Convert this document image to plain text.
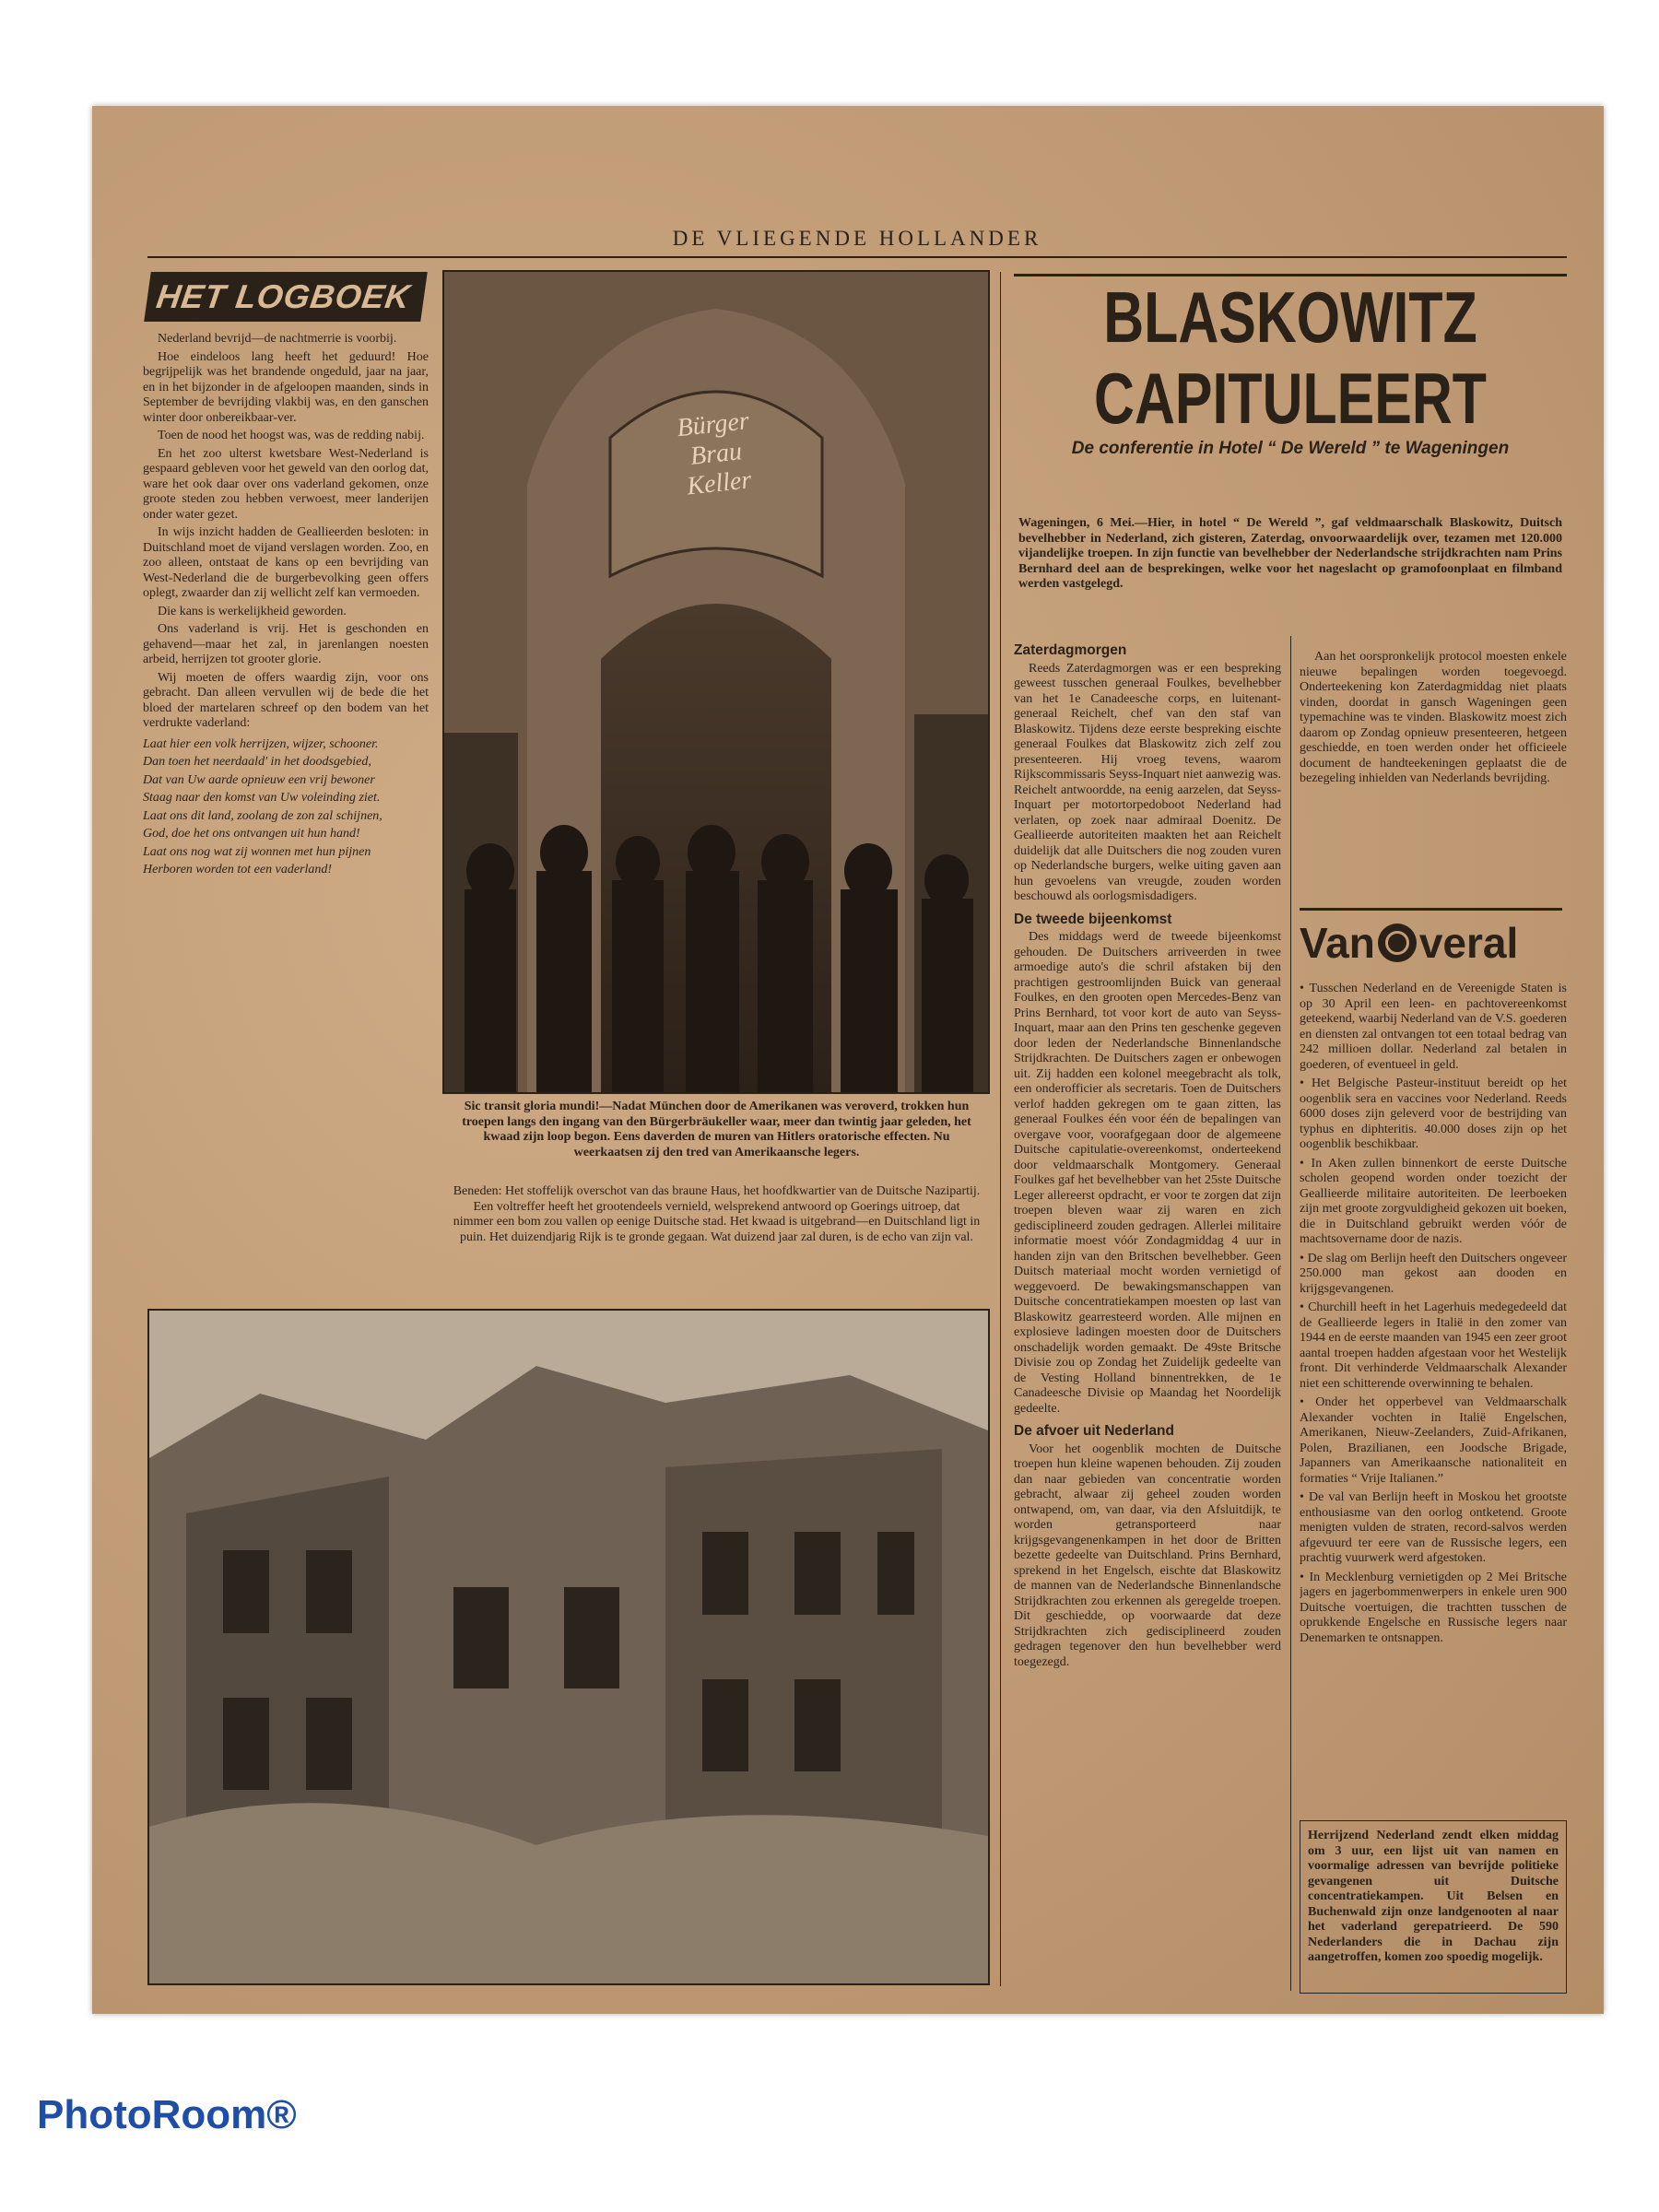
DE VLIEGENDE HOLLANDER
HET LOGBOEK

Nederland bevrijd—de nachtmerrie is voorbij.

Hoe eindeloos lang heeft het geduurd! Hoe begrijpelijk was het brandende ongeduld, jaar na jaar, en in het bijzonder in de afgeloopen maanden, sinds in September de bevrijding vlakbij was, en den ganschen winter door onbereikbaar-ver.

Toen de nood het hoogst was, was de redding nabij.

En het zoo ulterst kwetsbare West-Nederland is gespaard gebleven voor het geweld van den oorlog dat, ware het ook daar over ons vaderland gekomen, onze groote steden zou hebben verwoest, meer landerijen onder water gezet.

In wijs inzicht hadden de Geallieerden besloten: in Duitschland moet de vijand verslagen worden. Zoo, en zoo alleen, ontstaat de kans op een bevrijding van West-Nederland die de burgerbevolking geen offers oplegt, zwaarder dan zij wellicht zelf kan vermoeden.

Die kans is werkelijkheid geworden.

Ons vaderland is vrij. Het is geschonden en gehavend—maar het zal, in jarenlangen noesten arbeid, herrijzen tot grooter glorie.

Wij moeten de offers waardig zijn, voor ons gebracht. Dan alleen vervullen wij de bede die het bloed der martelaren schreef op den bodem van het verdrukte vaderland:

Laat hier een volk herrijzen, wijzer, schooner.
Dan toen het neerdaald' in het doodsgebied,
Dat van Uw aarde opnieuw een vrij bewoner
Staag naar den komst van Uw voleinding ziet.
Laat ons dit land, zoolang de zon zal schijnen,
God, doe het ons ontvangen uit hun hand!
Laat ons nog wat zij wonnen met hun pijnen
Herboren worden tot een vaderland!
Bürger Brau Keller
Sic transit gloria mundi!—Nadat München door de Amerikanen was veroverd, trokken hun troepen langs den ingang van den Bürgerbräukeller waar, meer dan twintig jaar geleden, het kwaad zijn loop begon. Eens daverden de muren van Hitlers oratorische effecten. Nu weerkaatsen zij den tred van Amerikaansche legers.
Beneden: Het stoffelijk overschot van das braune Haus, het hoofdkwartier van de Duitsche Nazipartij. Een voltreffer heeft het grootendeels vernield, welsprekend antwoord op Goerings uitroep, dat nimmer een bom zou vallen op eenige Duitsche stad. Het kwaad is uitgebrand—en Duitschland ligt in puin. Het duizendjarig Rijk is te gronde gegaan. Wat duizend jaar zal duren, is de echo van zijn val.
BLASKOWITZ
CAPITULEERT
De conferentie in Hotel “ De Wereld ” te Wageningen
Wageningen, 6 Mei.—Hier, in hotel “ De Wereld ”, gaf veldmaarschalk Blaskowitz, Duitsch bevelhebber in Nederland, zich gisteren, Zaterdag, onvoorwaardelijk over, tezamen met 120.000 vijandelijke troepen. In zijn functie van bevelhebber der Nederlandsche strijdkrachten nam Prins Bernhard deel aan de besprekingen, welke voor het nageslacht op gramofoonplaat en filmband werden vastgelegd.
Zaterdagmorgen

Reeds Zaterdagmorgen was er een bespreking geweest tusschen generaal Foulkes, bevelhebber van het 1e Canadeesche corps, en luitenant-generaal Reichelt, chef van den staf van Blaskowitz. Tijdens deze eerste bespreking eischte generaal Foulkes dat Blaskowitz zich zelf zou presenteeren. Hij vroeg tevens, waarom Rijkscommissaris Seyss-Inquart niet aanwezig was. Reichelt antwoordde, na eenig aarzelen, dat Seyss-Inquart per motortorpedoboot Nederland had verlaten, op zoek naar admiraal Doenitz. De Geallieerde autoriteiten maakten het aan Reichelt duidelijk dat alle Duitschers die nog zouden vuren op Nederlandsche burgers, welke uiting gaven aan hun gevoelens van vreugde, zouden worden beschouwd als oorlogsmisdadigers.

De tweede bijeenkomst

Des middags werd de tweede bijeenkomst gehouden. De Duitschers arriveerden in twee armoedige auto's die schril afstaken bij den prachtigen gestroomlijnden Buick van generaal Foulkes, en den grooten open Mercedes-Benz van Prins Bernhard, tot voor kort de auto van Seyss-Inquart, maar aan den Prins ten geschenke gegeven door leden der Nederlandsche Binnenlandsche Strijdkrachten. De Duitschers zagen er onbewogen uit. Zij hadden een kolonel meegebracht als tolk, een onderofficier als secretaris. Toen de Duitschers verlof hadden gekregen om te gaan zitten, las generaal Foulkes één voor één de bepalingen van overgave voor, voorafgegaan door de algemeene Duitsche capitulatie-overeenkomst, onderteekend door veldmaarschalk Montgomery. Generaal Foulkes gaf het bevelhebber van het 25ste Duitsche Leger allereerst opdracht, er voor te zorgen dat zijn troepen bleven waar zij waren en zich gedisciplineerd zouden gedragen. Allerlei militaire informatie moest vóór Zondagmiddag 4 uur in handen zijn van den Britschen bevelhebber. Geen Duitsch materiaal mocht worden vernietigd of weggevoerd. De bewakingsmanschappen van Duitsche concentratiekampen moesten op last van Blaskowitz gearresteerd worden. Alle mijnen en explosieve ladingen moesten door de Duitschers onschadelijk worden gemaakt. De 49ste Britsche Divisie zou op Zondag het Zuidelijk gedeelte van de Vesting Holland binnentrekken, de 1e Canadeesche Divisie op Maandag het Noordelijk gedeelte.

De afvoer uit Nederland

Voor het oogenblik mochten de Duitsche troepen hun kleine wapenen behouden. Zij zouden dan naar gebieden van concentratie worden gebracht, alwaar zij geheel zouden worden ontwapend, om, van daar, via den Afsluitdijk, te worden getransporteerd naar krijgsgevangenenkampen in het door de Britten bezette gedeelte van Duitschland. Prins Bernhard, sprekend in het Engelsch, eischte dat Blaskowitz de mannen van de Nederlandsche Binnenlandsche Strijdkrachten zou erkennen als geregelde troepen. Dit geschiedde, op voorwaarde dat deze Strijdkrachten zich gedisciplineerd zouden gedragen tegenover den hun bevelhebber werd toegezegd.

Aan het oorspronkelijk protocol moesten enkele nieuwe bepalingen worden toegevoegd. Onderteekening kon Zaterdagmiddag niet plaats vinden, doordat in gansch Wageningen geen typemachine was te vinden. Blaskowitz moest zich daarom op Zondag opnieuw presenteeren, hetgeen geschiedde, en toen werden onder het officieele document de handteekeningen geplaatst die de bezegeling inhielden van Nederlands bevrijding.

Van veral

• Tusschen Nederland en de Vereenigde Staten is op 30 April een leen- en pachtovereenkomst geteekend, waarbij Nederland van de V.S. goederen en diensten zal ontvangen tot een totaal bedrag van 242 millioen dollar. Nederland zal betalen in goederen, of eventueel in geld.

• Het Belgische Pasteur-instituut bereidt op het oogenblik sera en vaccines voor Nederland. Reeds 6000 doses zijn geleverd voor de bestrijding van typhus en diphteritis. 40.000 doses zijn op het oogenblik beschikbaar.

• In Aken zullen binnenkort de eerste Duitsche scholen geopend worden onder toezicht der Geallieerde militaire autoriteiten. De leerboeken zijn met groote zorgvuldigheid gekozen uit boeken, die in Duitschland gebruikt werden vóór de machtsovername door de nazis.

• De slag om Berlijn heeft den Duitschers ongeveer 250.000 man gekost aan dooden en krijgsgevangenen.

• Churchill heeft in het Lagerhuis medegedeeld dat de Geallieerde legers in Italië in den zomer van 1944 en de eerste maanden van 1945 een zeer groot aantal troepen hadden afgestaan voor het Westelijk front. Dit verhinderde Veldmaarschalk Alexander niet een schitterende overwinning te behalen.

• Onder het opperbevel van Veldmaarschalk Alexander vochten in Italië Engelschen, Amerikanen, Nieuw-Zeelanders, Zuid-Afrikanen, Polen, Brazilianen, een Joodsche Brigade, Japanners van Amerikaansche nationaliteit en formaties “ Vrije Italianen.”

• De val van Berlijn heeft in Moskou het grootste enthousiasme van den oorlog ontketend. Groote menigten vulden de straten, record-salvos werden afgevuurd ter eere van de Russische legers, een prachtig vuurwerk werd afgestoken.

• In Mecklenburg vernietigden op 2 Mei Britsche jagers en jagerbommenwerpers in enkele uren 900 Duitsche voertuigen, die trachtten tusschen de oprukkende Engelsche en Russische legers naar Denemarken te ontsnappen.

Herrijzend Nederland zendt elken middag om 3 uur, een lijst uit van namen en voormalige adressen van bevrijde politieke gevangenen uit Duitsche concentratiekampen. Uit Belsen en Buchenwald zijn onze landgenooten al naar het vaderland gerepatrieerd. De 590 Nederlanders die in Dachau zijn aangetroffen, komen zoo spoedig mogelijk.
PhotoRoom®
